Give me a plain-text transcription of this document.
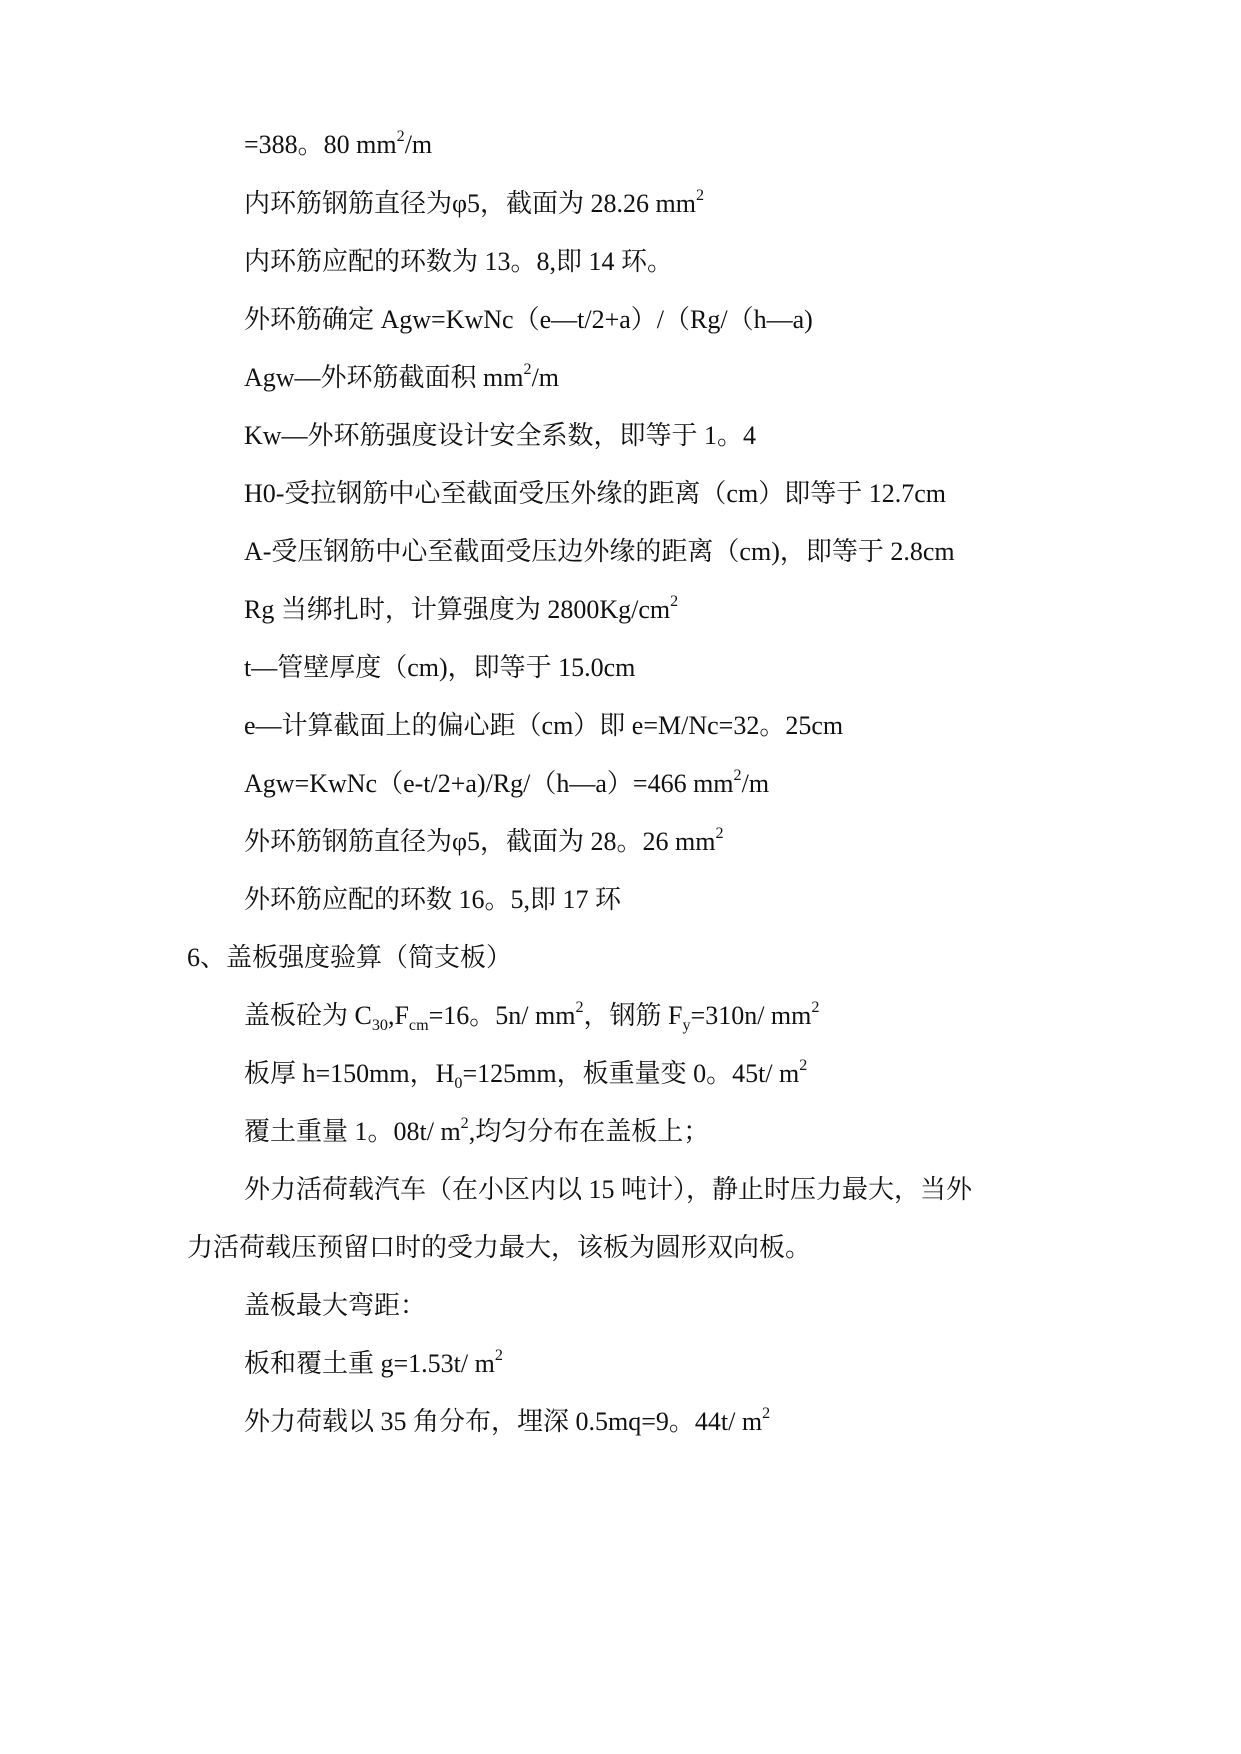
=388。80 $mm^2/m$
内环筋钢筋直径为φ5，截面为 28.26 $mm^2$
内环筋应配的环数为 13。8,即 14 环。
外环筋确定 Agw=KwNc（e—t/2+a）/（Rg/（h—a)
Agw—外环筋截面积 $mm^2/m$
Kw—外环筋强度设计安全系数，即等于 1。4
H0-受拉钢筋中心至截面受压外缘的距离（cm）即等于 12.7cm
A-受压钢筋中心至截面受压边外缘的距离（cm)，即等于 2.8cm
Rg 当绑扎时，计算强度为 $2800Kg/cm^2$
t—管壁厚度（cm)，即等于 15.0cm
e—计算截面上的偏心距（cm）即 e=M/Nc=32。25cm
Agw=KwNc（e-t/2+a)/Rg/（h—a）=466 $mm^2/m$
外环筋钢筋直径为φ5，截面为 28。26 $mm^2$
外环筋应配的环数 16。5,即 17 环
6、盖板强度验算（简支板）
盖板砼为 $C_{30},F_{cm}=16$。5n/ $mm^2$，钢筋 $F_y=310n/$ $mm^2$
板厚 h=150mm，$H_0=125mm$，板重量变 0。45t/ $m^2$
覆土重量 1。08t/ $m^2$,均匀分布在盖板上；
外力活荷载汽车（在小区内以 15 吨计），静止时压力最大，当外
力活荷载压预留口时的受力最大，该板为圆形双向板。
盖板最大弯距：
板和覆土重 g=1.53t/ $m^2$
外力荷载以 35 角分布，埋深 0.5mq=9。44t/ $m^2$
